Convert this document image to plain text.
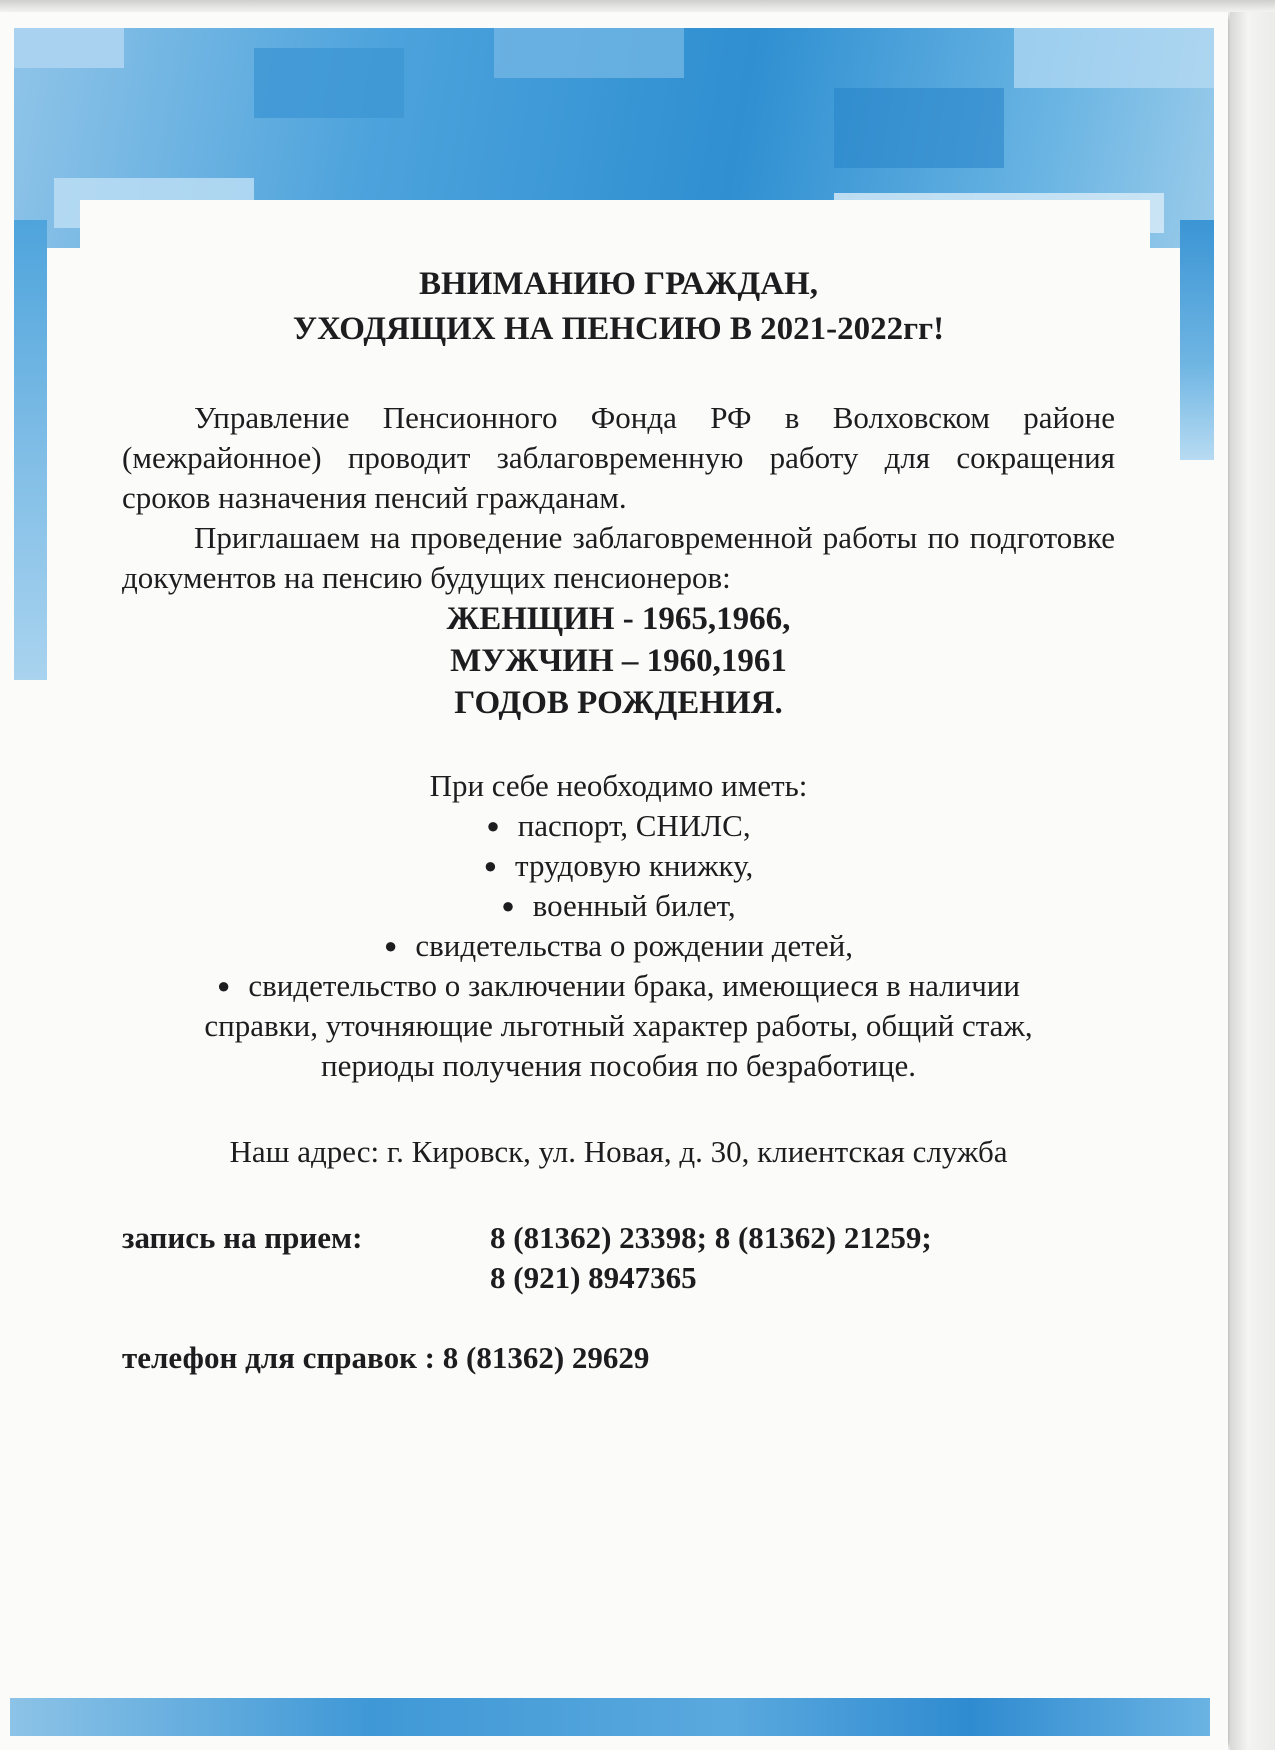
ВНИМАНИЮ ГРАЖДАН,
УХОДЯЩИХ НА ПЕНСИЮ В 2021-2022гг!

Управление Пенсионного Фонда РФ в Волховском районе (межрайонное) проводит заблаговременную работу для сокращения сроков назначения пенсий гражданам.

Приглашаем на проведение заблаговременной работы по подготовке документов на пенсию будущих пенсионеров:

ЖЕНЩИН - 1965,1966,
МУЖЧИН – 1960,1961
ГОДОВ РОЖДЕНИЯ.

При себе необходимо иметь:

● паспорт, СНИЛС,
● трудовую книжку,
● военный билет,
● свидетельства о рождении детей,
● свидетельство о заключении брака, имеющиеся в наличии справки, уточняющие льготный характер работы, общий стаж, периоды получения пособия по безработице.

Наш адрес: г. Кировск, ул. Новая, д. 30, клиентская служба

запись на прием:	8 (81362) 23398; 8 (81362) 21259;
8 (921) 8947365
телефон для справок : 8 (81362) 29629
